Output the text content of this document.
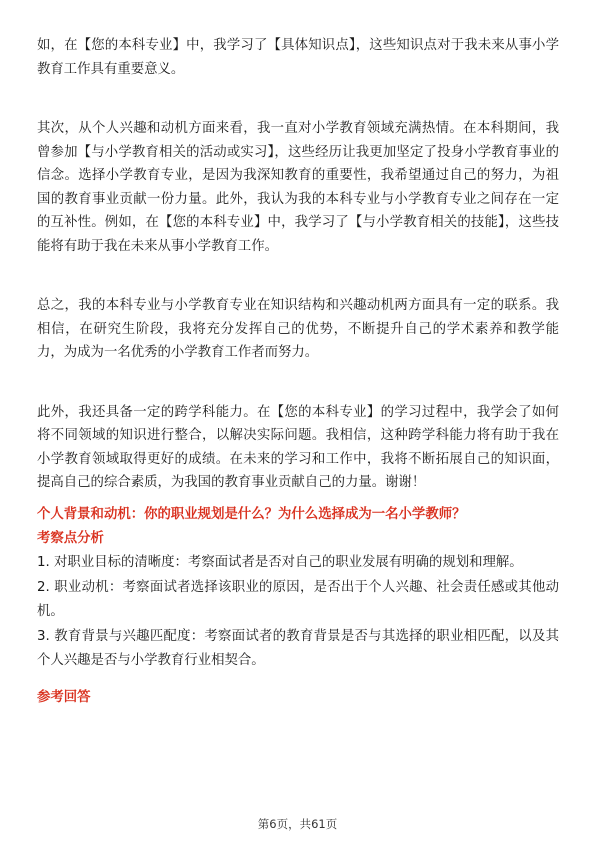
如，在【您的本科专业】中，我学习了【具体知识点】，这些知识点对于我未来从事小学教育工作具有重要意义。

其次，从个人兴趣和动机方面来看，我一直对小学教育领域充满热情。在本科期间，我曾参加【与小学教育相关的活动或实习】，这些经历让我更加坚定了投身小学教育事业的信念。选择小学教育专业，是因为我深知教育的重要性，我希望通过自己的努力，为祖国的教育事业贡献一份力量。此外，我认为我的本科专业与小学教育专业之间存在一定的互补性。例如，在【您的本科专业】中，我学习了【与小学教育相关的技能】，这些技能将有助于我在未来从事小学教育工作。

总之，我的本科专业与小学教育专业在知识结构和兴趣动机两方面具有一定的联系。我相信，在研究生阶段，我将充分发挥自己的优势，不断提升自己的学术素养和教学能力，为成为一名优秀的小学教育工作者而努力。

此外，我还具备一定的跨学科能力。在【您的本科专业】的学习过程中，我学会了如何将不同领域的知识进行整合，以解决实际问题。我相信，这种跨学科能力将有助于我在小学教育领域取得更好的成绩。在未来的学习和工作中，我将不断拓展自己的知识面，提高自己的综合素质，为我国的教育事业贡献自己的力量。谢谢！

个人背景和动机：你的职业规划是什么？为什么选择成为一名小学教师？
考察点分析
1. 对职业目标的清晰度：考察面试者是否对自己的职业发展有明确的规划和理解。
2. 职业动机：考察面试者选择该职业的原因，是否出于个人兴趣、社会责任感或其他动机。
3. 教育背景与兴趣匹配度：考察面试者的教育背景是否与其选择的职业相匹配，以及其个人兴趣是否与小学教育行业相契合。
参考回答
第6页，共61页
